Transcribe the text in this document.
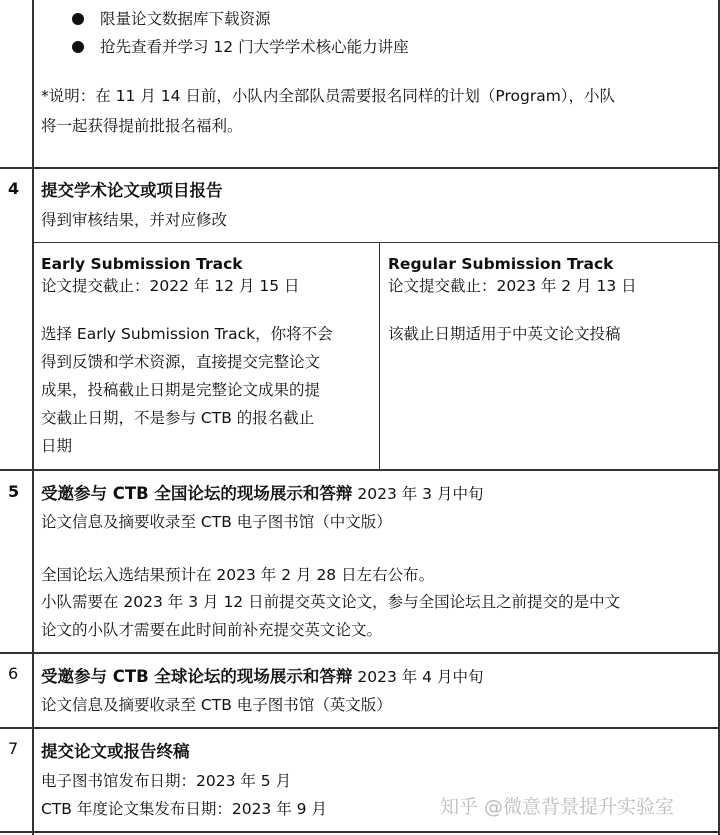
限量论文数据库下载资源
抢先查看并学习 12 门大学学术核心能力讲座
*说明：在 11 月 14 日前，小队内全部队员需要报名同样的计划（Program），小队
将一起获得提前批报名福利。
4 提交学术论文或项目报告
得到审核结果，并对应修改
Early Submission Track
论文提交截止：2022 年 12 月 15 日
选择 Early Submission Track，你将不会
得到反馈和学术资源，直接提交完整论文
成果，投稿截止日期是完整论文成果的提
交截止日期，不是参与 CTB 的报名截止
日期
Regular Submission Track
论文提交截止：2023 年 2 月 13 日
该截止日期适用于中英文论文投稿
5 受邀参与 CTB 全国论坛的现场展示和答辩 2023 年 3 月中旬
论文信息及摘要收录至 CTB 电子图书馆（中文版）
全国论坛入选结果预计在 2023 年 2 月 28 日左右公布。
小队需要在 2023 年 3 月 12 日前提交英文论文，参与全国论坛且之前提交的是中文
论文的小队才需要在此时间前补充提交英文论文。
6 受邀参与 CTB 全球论坛的现场展示和答辩 2023 年 4 月中旬
论文信息及摘要收录至 CTB 电子图书馆（英文版）
7 提交论文或报告终稿
电子图书馆发布日期：2023 年 5 月
CTB 年度论文集发布日期：2023 年 9 月	知乎 @微意背景提升实验室
